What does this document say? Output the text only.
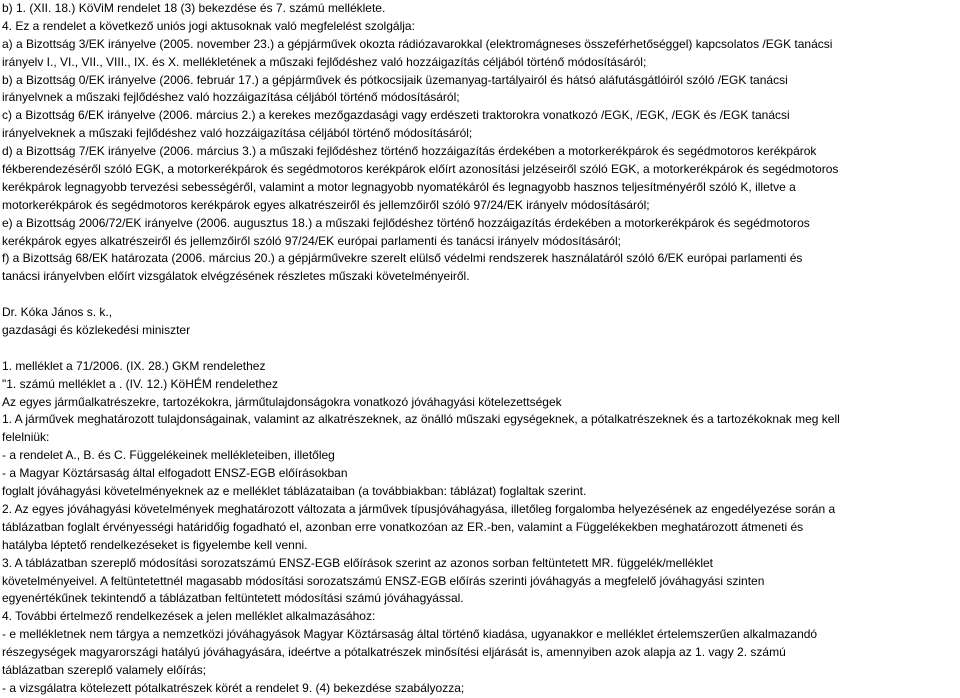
b) 1. (XII. 18.) KöViM rendelet 18 (3) bekezdése és 7. számú melléklete.
4. Ez a rendelet a következő uniós jogi aktusoknak való megfelelést szolgálja:
a) a Bizottság 3/EK irányelve (2005. november 23.) a gépjárművek okozta rádiózavarokkal (elektromágneses összeférhetőséggel) kapcsolatos /EGK tanácsi
irányelv I., VI., VII., VIII., IX. és X. mellékletének a műszaki fejlődéshez való hozzáigazítás céljából történő módosításáról;
b) a Bizottság 0/EK irányelve (2006. február 17.) a gépjárművek és pótkocsijaik üzemanyag-tartályairól és hátsó aláfutásgátlóiról szóló /EGK tanácsi
irányelvnek a műszaki fejlődéshez való hozzáigazítása céljából történő módosításáról;
c) a Bizottság 6/EK irányelve (2006. március 2.) a kerekes mezőgazdasági vagy erdészeti traktorokra vonatkozó /EGK, /EGK, /EGK és /EGK tanácsi
irányelveknek a műszaki fejlődéshez való hozzáigazítása céljából történő módosításáról;
d) a Bizottság 7/EK irányelve (2006. március 3.) a műszaki fejlődéshez történő hozzáigazítás érdekében a motorkerékpárok és segédmotoros kerékpárok
fékberendezéséről szóló EGK, a motorkerékpárok és segédmotoros kerékpárok előírt azonosítási jelzéseiről szóló EGK, a motorkerékpárok és segédmotoros
kerékpárok legnagyobb tervezési sebességéről, valamint a motor legnagyobb nyomatékáról és legnagyobb hasznos teljesítményéről szóló K, illetve a
motorkerékpárok és segédmotoros kerékpárok egyes alkatrészeiről és jellemzőiről szóló 97/24/EK irányelv módosításáról;
e) a Bizottság 2006/72/EK irányelve (2006. augusztus 18.) a műszaki fejlődéshez történő hozzáigazítás érdekében a motorkerékpárok és segédmotoros
kerékpárok egyes alkatrészeiről és jellemzőiről szóló 97/24/EK európai parlamenti és tanácsi irányelv módosításáról;
f) a Bizottság 68/EK határozata (2006. március 20.) a gépjárművekre szerelt elülső védelmi rendszerek használatáról szóló 6/EK európai parlamenti és
tanácsi irányelvben előírt vizsgálatok elvégzésének részletes műszaki követelményeiről.
Dr. Kóka János s. k.,
gazdasági és közlekedési miniszter
1. melléklet a 71/2006. (IX. 28.) GKM rendelethez
"1. számú melléklet a . (IV. 12.) KöHÉM rendelethez
Az egyes járműalkatrészekre, tartozékokra, járműtulajdonságokra vonatkozó jóváhagyási kötelezettségek
1. A járművek meghatározott tulajdonságainak, valamint az alkatrészeknek, az önálló műszaki egységeknek, a pótalkatrészeknek és a tartozékoknak meg kell
felelniük:
- a rendelet A., B. és C. Függelékeinek mellékleteiben, illetőleg
- a Magyar Köztársaság által elfogadott ENSZ-EGB előírásokban
foglalt jóváhagyási követelményeknek az e melléklet táblázataiban (a továbbiakban: táblázat) foglaltak szerint.
2. Az egyes jóváhagyási követelmények meghatározott változata a járművek típusjóváhagyása, illetőleg forgalomba helyezésének az engedélyezése során a
táblázatban foglalt érvényességi határidőig fogadható el, azonban erre vonatkozóan az ER.-ben, valamint a Függelékekben meghatározott átmeneti és
hatályba léptető rendelkezéseket is figyelembe kell venni.
3. A táblázatban szereplő módosítási sorozatszámú ENSZ-EGB előírások szerint az azonos sorban feltüntetett MR. függelék/melléklet
követelményeivel. A feltüntetettnél magasabb módosítási sorozatszámú ENSZ-EGB előírás szerinti jóváhagyás a megfelelő jóváhagyási szinten
egyenértékűnek tekintendő a táblázatban feltüntetett módosítási számú jóváhagyással.
4. További értelmező rendelkezések a jelen melléklet alkalmazásához:
- e mellékletnek nem tárgya a nemzetközi jóváhagyások Magyar Köztársaság által történő kiadása, ugyanakkor e melléklet értelemszerűen alkalmazandó
részegységek magyarországi hatályú jóváhagyására, ideértve a pótalkatrészek minősítési eljárását is, amennyiben azok alapja az 1. vagy 2. számú
táblázatban szereplő valamely előírás;
- a vizsgálatra kötelezett pótalkatrészek körét a rendelet 9. (4) bekezdése szabályozza;
